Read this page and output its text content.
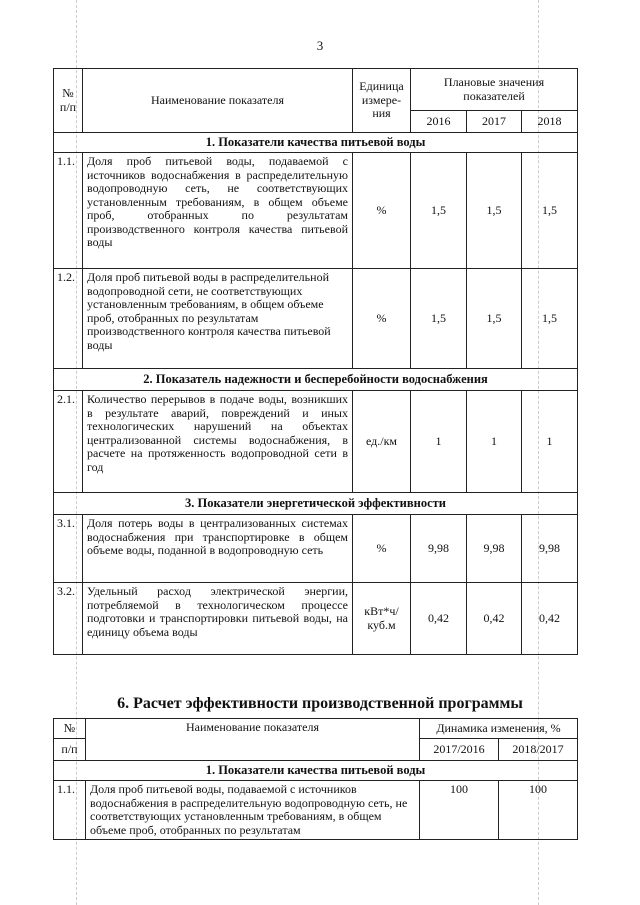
3
№ п/п	Наименование показателя	Единица измере-ния	Плановые значения показателей		
			2016	2017	2018
1. Показатели качества питьевой воды					
1.1.	Доля проб питьевой воды, подаваемой с источников водоснабжения в распределительную водопроводную сеть, не соответствующих установленным требованиям, в общем объеме проб, отобранных по результатам производственного контроля качества питьевой воды	%	1,5	1,5	1,5
1.2.	Доля проб питьевой воды в распределительной водопроводной сети, не соответствующих установленным требованиям, в общем объеме проб, отобранных по результатам производственного контроля качества питьевой воды	%	1,5	1,5	1,5
2. Показатель надежности и бесперебойности водоснабжения					
2.1.	Количество перерывов в подаче воды, возникших в результате аварий, повреждений и иных технологических нарушений на объектах централизованной системы водоснабжения, в расчете на протяженность водопроводной сети в год	ед./км	1	1	1
3. Показатели энергетической эффективности					
3.1.	Доля потерь воды в централизованных системах водоснабжения при транспортировке в общем объеме воды, поданной в водопроводную сеть	%	9,98	9,98	9,98
3.2.	Удельный расход электрической энергии, потребляемой в технологическом процессе подготовки и транспортировки питьевой воды, на единицу объема воды	кВт*ч/ куб.м	0,42	0,42	0,42
6. Расчет эффективности производственной программы
№	Наименование показателя	Динамика изменения, %	
п/п		2017/2016	2018/2017
1. Показатели качества питьевой воды			
1.1.	Доля проб питьевой воды, подаваемой с источников водоснабжения в распределительную водопроводную сеть, не соответствующих установленным требованиям, в общем объеме проб, отобранных по результатам	100	100
